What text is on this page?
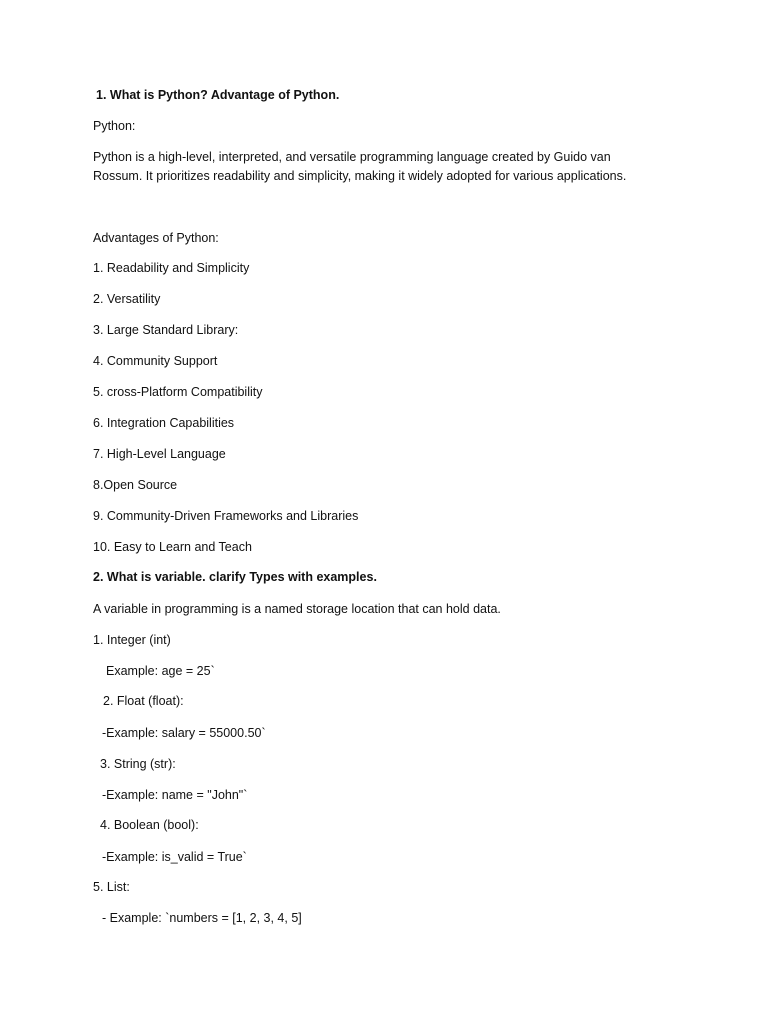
1. What is Python? Advantage of Python.
Python:
Python is a high-level, interpreted, and versatile programming language created by Guido van
Rossum. It prioritizes readability and simplicity, making it widely adopted for various applications.
Advantages of Python:
1. Readability and Simplicity
2. Versatility
3. Large Standard Library:
4. Community Support
5. cross-Platform Compatibility
6. Integration Capabilities
7. High-Level Language
8.Open Source
9. Community-Driven Frameworks and Libraries
10. Easy to Learn and Teach
2. What is variable. clarify Types with examples.
A variable in programming is a named storage location that can hold data.
1. Integer (int)
Example: age = 25`
2. Float (float):
-Example: salary = 55000.50`
3. String (str):
-Example: name = "John"`
4. Boolean (bool):
-Example: is_valid = True`
5. List:
- Example: `numbers = [1, 2, 3, 4, 5]
